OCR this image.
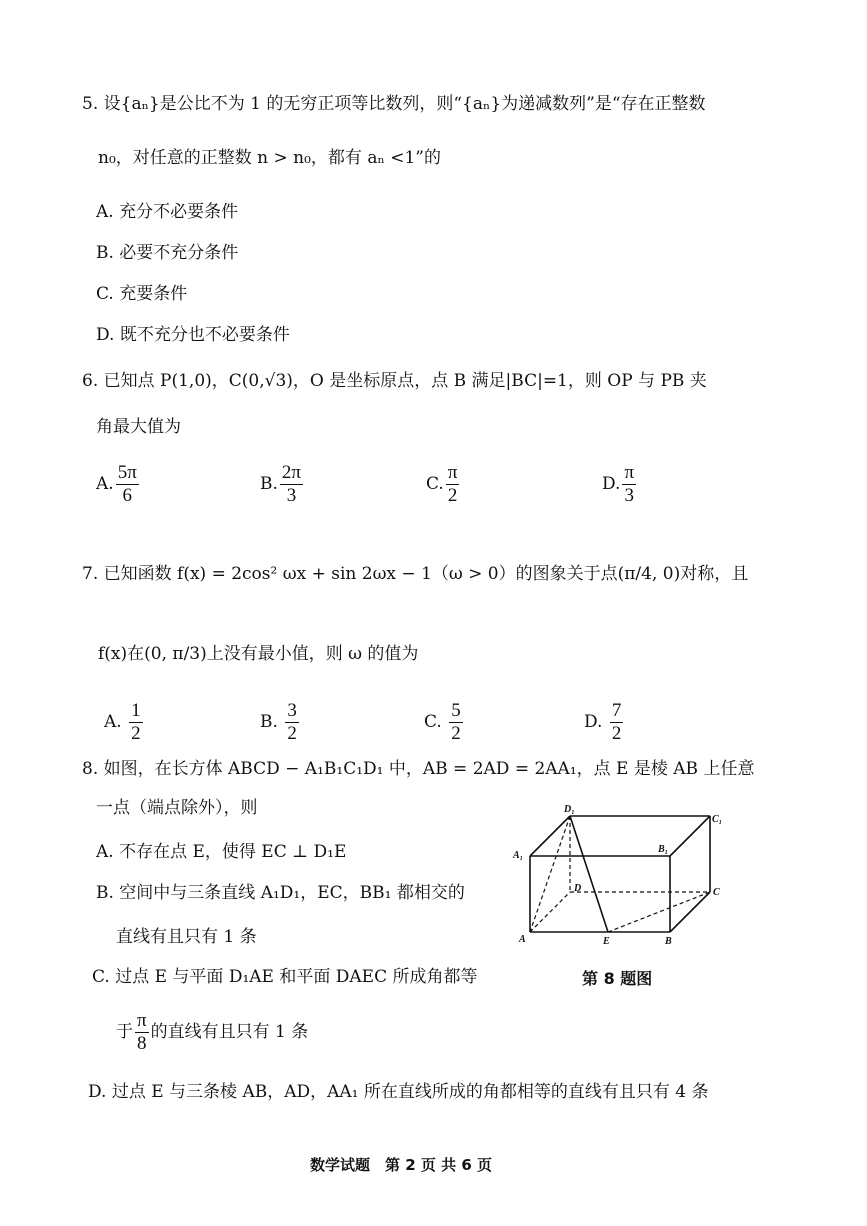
5. 设{aₙ}是公比不为 1 的无穷正项等比数列，则“{aₙ}为递减数列”是“存在正整数
n₀，对任意的正整数 n > n₀，都有 aₙ <1”的
A. 充分不必要条件
B. 必要不充分条件
C. 充要条件
D. 既不充分也不必要条件
6. 已知点 P(1,0)，C(0,√3)，O 是坐标原点，点 B 满足|BC|=1，则 OP 与 PB 夹
角最大值为
A. $\frac{5\pi}{6}$	B. $\frac{2\pi}{3}$	C. $\frac{\pi}{2}$	D. $\frac{\pi}{3}$
7. 已知函数 f(x) = 2cos² ωx + sin 2ωx − 1（ω > 0）的图象关于点(π/4, 0)对称，且
f(x)在(0, π/3)上没有最小值，则 ω 的值为
A. $\frac{1}{2}$	B. $\frac{3}{2}$	C. $\frac{5}{2}$	D. $\frac{7}{2}$
8. 如图，在长方体 ABCD − A₁B₁C₁D₁ 中，AB = 2AD = 2AA₁，点 E 是棱 AB 上任意
一点（端点除外），则
A. 不存在点 E，使得 EC ⊥ D₁E
B. 空间中与三条直线 A₁D₁，EC，BB₁ 都相交的
直线有且只有 1 条
C. 过点 E 与平面 D₁AE 和平面 DAEC 所成角都等
于 $\frac{\pi}{8}$ 的直线有且只有 1 条
D. 过点 E 与三条棱 AB，AD，AA₁ 所在直线所成的角都相等的直线有且只有 4 条
D₁
C₁
A₁
B₁
D	C
A	E	B
第 8 题图
数学试题　第 2 页 共 6 页
